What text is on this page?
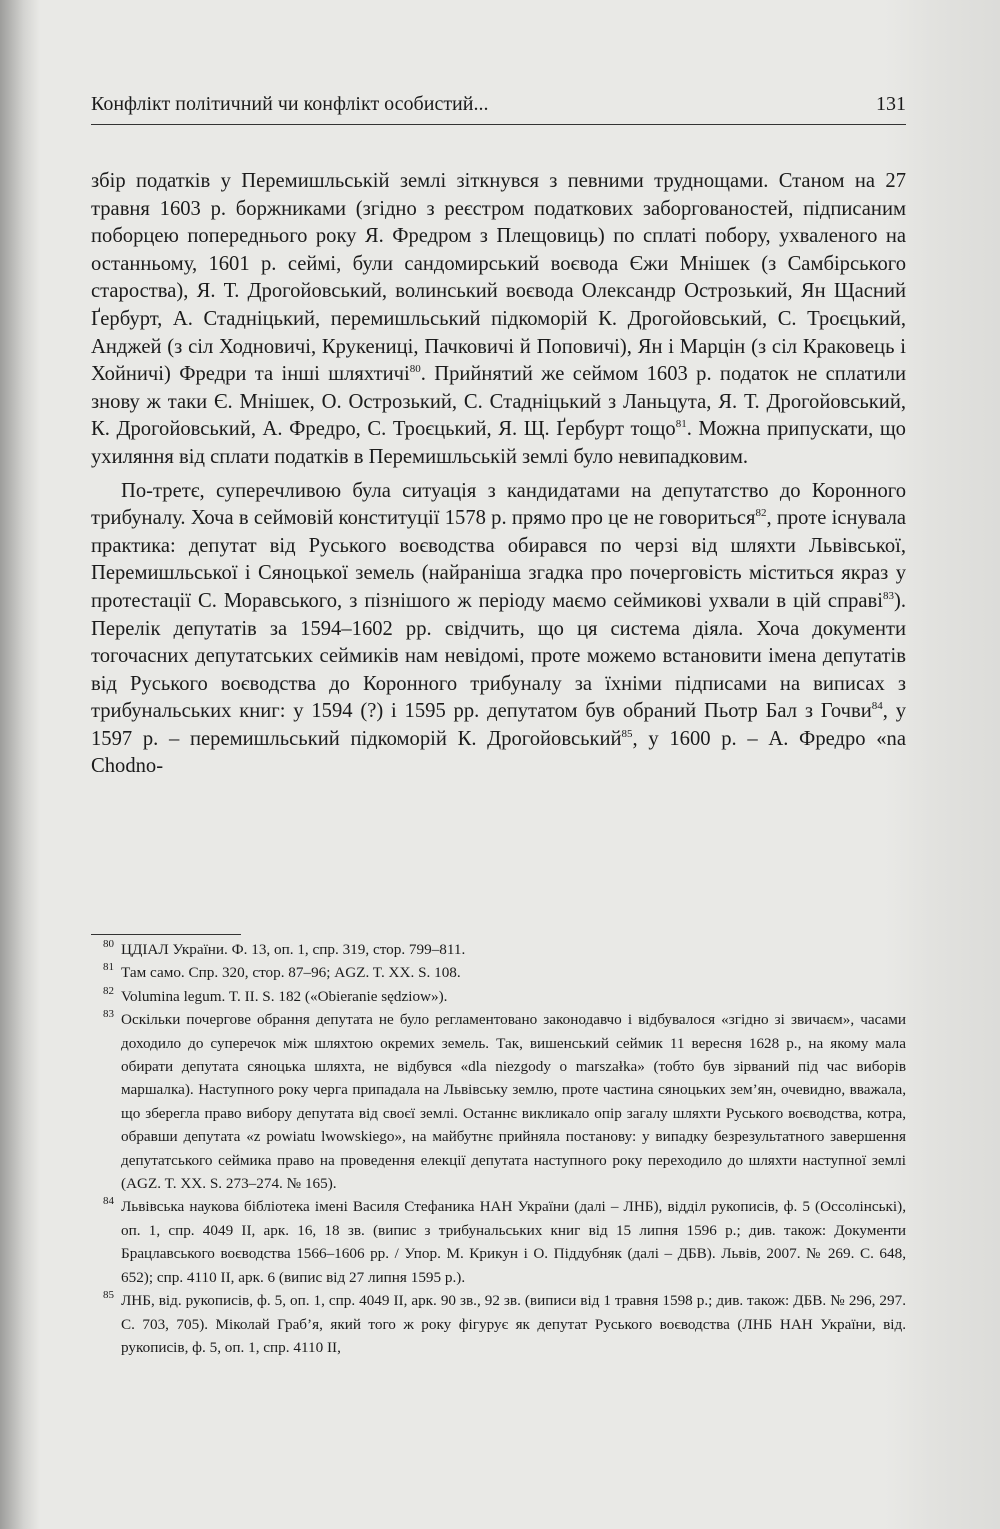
Конфлікт політичний чи конфлікт особистий...	131

збір податків у Перемишльській землі зіткнувся з певними труднощами. Станом на 27 травня 1603 р. боржниками (згідно з реєстром податкових заборгованостей, підписаним поборцею попереднього року Я. Фредром з Плещовиць) по сплаті побору, ухваленого на останньому, 1601 р. сеймі, були сандомирський воєвода Єжи Мнішек (з Самбірського староства), Я. Т. Дрогойовський, волинський воєвода Олександр Острозький, Ян Щасний Ґербурт, А. Стадніцький, перемишльський підкоморій К. Дрогойовський, С. Троєцький, Анджей (з сіл Ходновичі, Крукениці, Пачковичі й Поповичі), Ян і Марцін (з сіл Краковець і Хойничі) Фредри та інші шляхтичі$^{80}$. Прийнятий же сеймом 1603 р. податок не сплатили знову ж таки Є. Мнішек, О. Острозький, С. Стадніцький з Ланьцута, Я. Т. Дрогойовський, К. Дрогойовський, А. Фредро, С. Троєцький, Я. Щ. Ґербурт тощо$^{81}$. Можна припускати, що ухиляння від сплати податків в Перемишльській землі було невипадковим.

По-третє, суперечливою була ситуація з кандидатами на депутатство до Коронного трибуналу. Хоча в сеймовій конституції 1578 р. прямо про це не говориться$^{82}$, проте існувала практика: депутат від Руського воєводства обирався по черзі від шляхти Львівської, Перемишльської і Сяноцької земель (найраніша згадка про почерговість міститься якраз у протестації С. Моравського, з пізнішого ж періоду маємо сеймикові ухвали в цій справі$^{83}$). Перелік депутатів за 1594–1602 рр. свідчить, що ця система діяла. Хоча документи тогочасних депутатських сеймиків нам невідомі, проте можемо встановити імена депутатів від Руського воєводства до Коронного трибуналу за їхніми підписами на виписах з трибунальських книг: у 1594 (?) і 1595 рр. депутатом був обраний Пьотр Бал з Гочви$^{84}$, у 1597 р. – перемишльський підкоморій К. Дрогойовський$^{85}$, у 1600 р. – А. Фредро «na Chodno-

80 ЦДІАЛ України. Ф. 13, оп. 1, спр. 319, стор. 799–811.
81 Там само. Спр. 320, стор. 87–96; AGZ. T. XX. S. 108.
82 Volumina legum. T. II. S. 182 («Obieranie sędziow»).
83 Оскільки почергове обрання депутата не було регламентовано законодавчо і відбувалося «згідно зі звичаєм», часами доходило до суперечок між шляхтою окремих земель. Так, вишенський сеймик 11 вересня 1628 р., на якому мала обирати депутата сяноцька шляхта, не відбувся «dla niezgody o marszałka» (тобто був зірваний під час виборів маршалка). Наступного року черга припадала на Львівську землю, проте частина сяноцьких зем’ян, очевидно, вважала, що зберегла право вибору депутата від своєї землі. Останнє викликало опір загалу шляхти Руського воєводства, котра, обравши депутата «z powiatu lwowskiego», на майбутнє прийняла постанову: у випадку безрезультатного завершення депутатського сеймика право на проведення елекції депутата наступного року переходило до шляхти наступної землі (AGZ. T. XX. S. 273–274. № 165).
84 Львівська наукова бібліотека імені Василя Стефаника НАН України (далі – ЛНБ), відділ рукописів, ф. 5 (Оссолінські), оп. 1, спр. 4049 II, арк. 16, 18 зв. (випис з трибунальських книг від 15 липня 1596 р.; див. також: Документи Брацлавського воєводства 1566–1606 рр. / Упор. М. Крикун і О. Піддубняк (далі – ДБВ). Львів, 2007. № 269. С. 648, 652); спр. 4110 II, арк. 6 (випис від 27 липня 1595 р.).
85 ЛНБ, від. рукописів, ф. 5, оп. 1, спр. 4049 II, арк. 90 зв., 92 зв. (виписи від 1 травня 1598 р.; див. також: ДБВ. № 296, 297. С. 703, 705). Міколай Граб’я, який того ж року фігурує як депутат Руського воєводства (ЛНБ НАН України, від. рукописів, ф. 5, оп. 1, спр. 4110 II,
